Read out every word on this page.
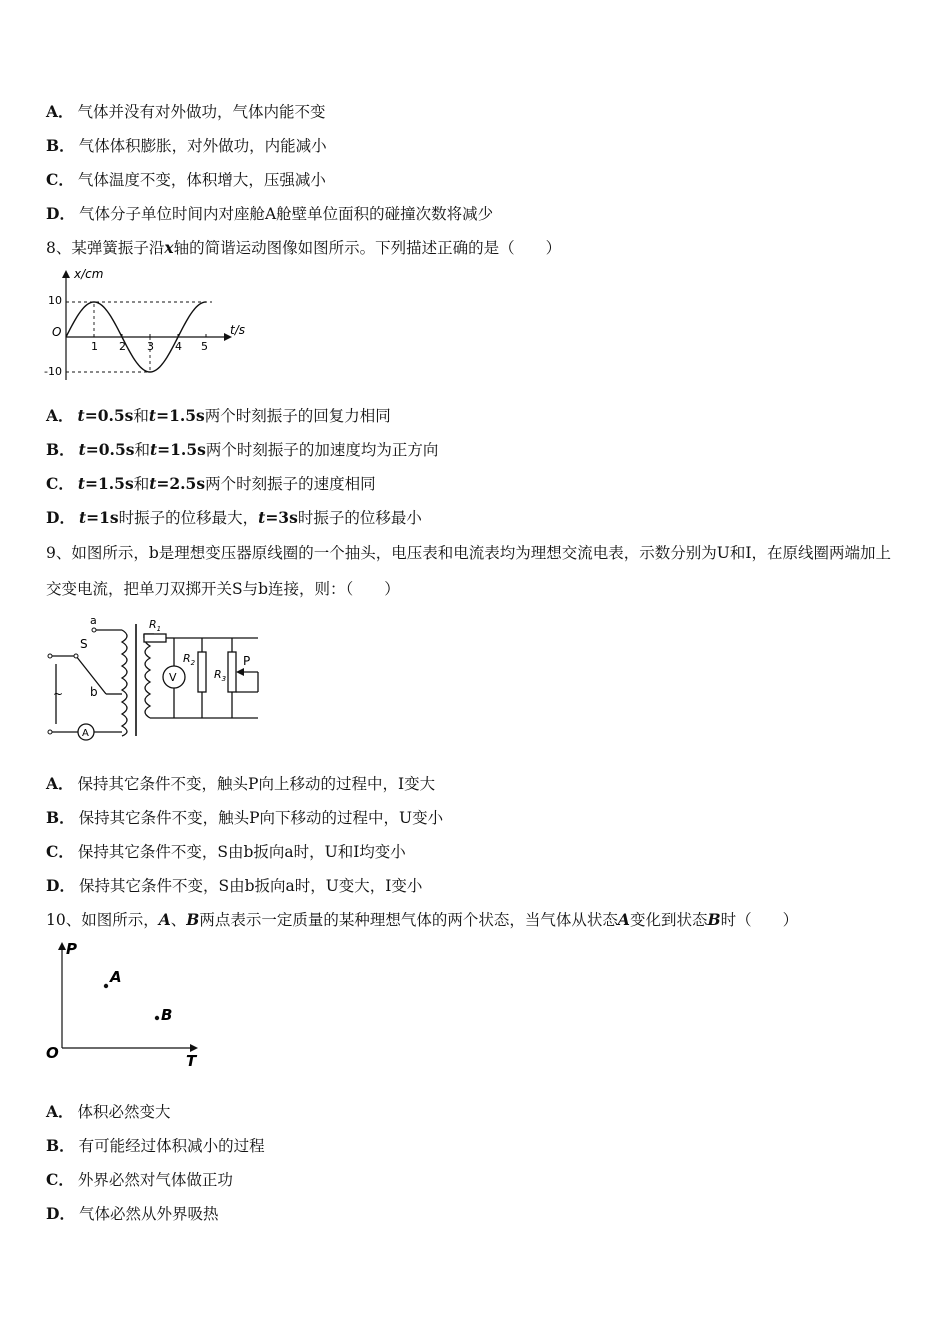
A． 气体并没有对外做功，气体内能不变
B． 气体体积膨胀，对外做功，内能减小
C． 气体温度不变，体积增大，压强减小
D． 气体分子单位时间内对座舱A舱壁单位面积的碰撞次数将减少
8、某弹簧振子沿x轴的简谐运动图像如图所示。下列描述正确的是（　　）
x/cm
t/s
O
10
-10
1 2 3 4 5
A． t=0.5s和t=1.5s两个时刻振子的回复力相同
B． t=0.5s和t=1.5s两个时刻振子的加速度均为正方向
C． t=1.5s和t=2.5s两个时刻振子的速度相同
D． t=1s时振子的位移最大，t=3s时振子的位移最小
9、如图所示，b是理想变压器原线圈的一个抽头，电压表和电流表均为理想交流电表，示数分别为U和I，在原线圈两端加上交变电流，把单刀双掷开关S与b连接，则：（　　）
a
S
b
~
A
V
P
$R_1$
$R_2$
$R_3$
A． 保持其它条件不变，触头P向上移动的过程中，I变大
B． 保持其它条件不变，触头P向下移动的过程中，U变小
C． 保持其它条件不变，S由b扳向a时，U和I均变小
D． 保持其它条件不变，S由b扳向a时，U变大，I变小
10、如图所示，A、B两点表示一定质量的某种理想气体的两个状态，当气体从状态A变化到状态B时（　　）
P
T
O
A
B
A． 体积必然变大
B． 有可能经过体积减小的过程
C． 外界必然对气体做正功
D． 气体必然从外界吸热
